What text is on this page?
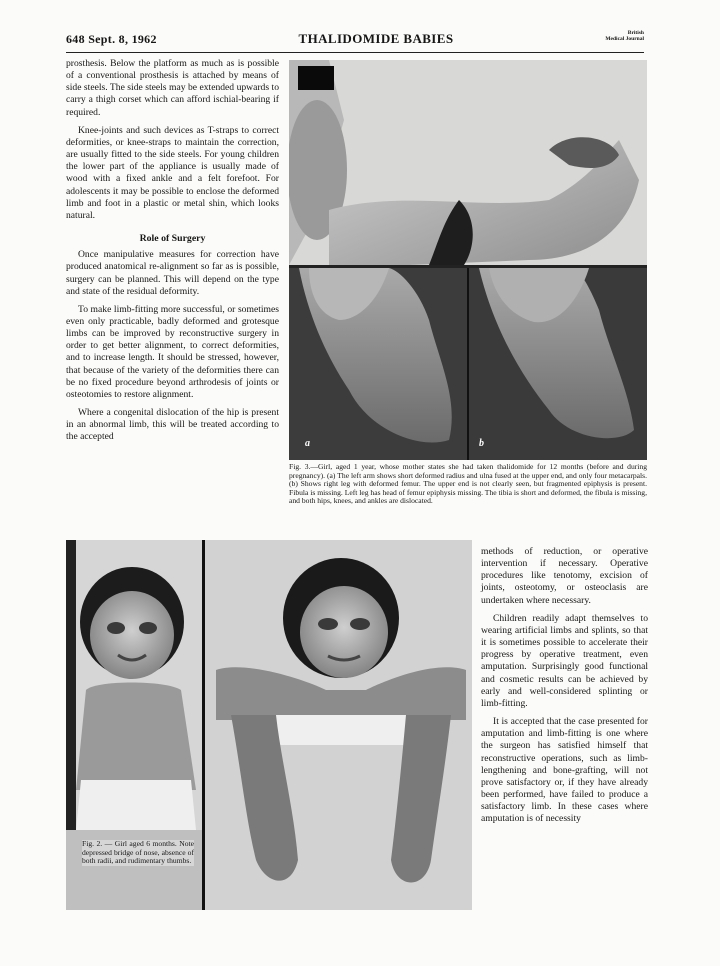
648 Sept. 8, 1962	THALIDOMIDE BABIES	British
Medical Journal

prosthesis. Below the platform as much as is possible of a conventional prosthesis is attached by means of side steels. The side steels may be extended upwards to carry a thigh corset which can afford ischial-bearing if required.

Knee-joints and such devices as T-straps to correct deformities, or knee-straps to maintain the correction, are usually fitted to the side steels. For young children the lower part of the appliance is usually made of wood with a fixed ankle and a felt forefoot. For adolescents it may be possible to enclose the deformed limb and foot in a plastic or metal shin, which looks natural.

Role of Surgery

Once manipulative measures for correction have produced anatomical re-alignment so far as is possible, surgery can be planned. This will depend on the type and state of the residual deformity.

To make limb-fitting more successful, or sometimes even only practicable, badly deformed and grotesque limbs can be improved by reconstructive surgery in order to get better alignment, to correct deformities, and to increase length. It should be stressed, however, that because of the variety of the deformities there can be no fixed procedure beyond arthrodesis of joints or osteotomies to restore alignment.

Where a congenital dislocation of the hip is present in an abnormal limb, this will be treated according to the accepted

a	b
Fig. 3.—Girl, aged 1 year, whose mother states she had taken thalidomide for 12 months (before and during pregnancy). (a) The left arm shows short deformed radius and ulna fused at the upper end, and only four metacarpals. (b) Shows right leg with deformed femur. The upper end is not clearly seen, but fragmented epiphysis is present. Fibula is missing. Left leg has head of femur epiphysis missing. The tibia is short and deformed, the fibula is missing, and both hips, knees, and ankles are dislocated.
Fig. 2. — Girl aged 6 months. Note depressed bridge of nose, absence of both radii, and rudimentary thumbs.

methods of reduction, or operative intervention if necessary. Operative procedures like tenotomy, excision of joints, osteotomy, or osteoclasis are undertaken where necessary.

Children readily adapt themselves to wearing artificial limbs and splints, so that it is sometimes possible to accelerate their progress by operative treatment, even amputation. Surprisingly good functional and cosmetic results can be achieved by early and well-considered splinting or limb-fitting.

It is accepted that the case presented for amputation and limb-fitting is one where the surgeon has satisfied himself that reconstructive operations, such as limb-lengthening and bone-grafting, will not prove satisfactory or, if they have already been performed, have failed to produce a satisfactory limb. In these cases where amputation is of necessity
